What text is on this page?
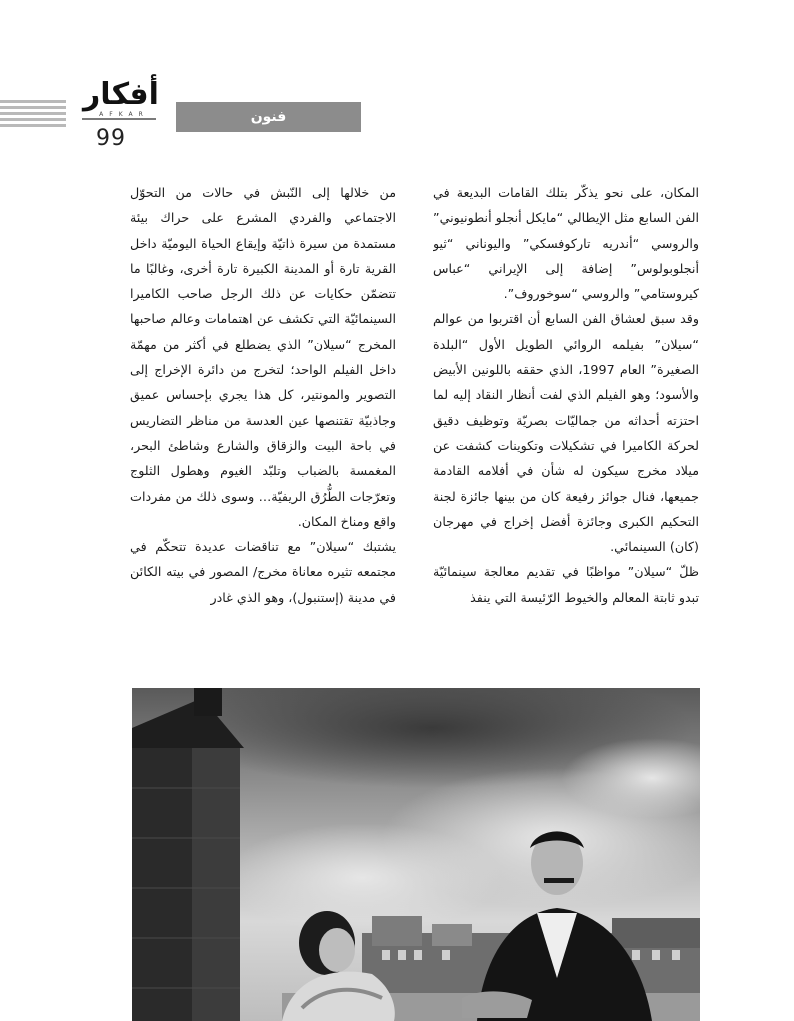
أفكار
AFKAR
99
فنون

المكان، على نحو يذكّر بتلك القامات البديعة في الفن السابع مثل الإيطالي “مايكل أنجلو أنطونيوني” والروسي “أندريه تاركوفسكي” واليوناني “ثيو أنجلوبولوس” إضافة إلى الإيراني “عباس كيروستامي” والروسي “سوخوروف”.

وقد سبق لعشاق الفن السابع أن اقتربوا من عوالم “سيلان” بفيلمه الروائي الطويل الأول “البلدة الصغيرة” العام 1997، الذي حققه باللونين الأبيض والأسود؛ وهو الفيلم الذي لفت أنظار النقاد إليه لما احتزته أحداثه من جماليّات بصريّة وتوظيف دقيق لحركة الكاميرا في تشكيلات وتكوينات كشفت عن ميلاد مخرج سيكون له شأن في أفلامه القادمة جميعها، فنال جوائز رفيعة كان من بينها جائزة لجنة التحكيم الكبرى وجائزة أفضل إخراج في مهرجان (كان) السينمائي.

ظلّ “سيلان” مواظبًا في تقديم معالجة سينمائيّة تبدو ثابتة المعالم والخيوط الرّئيسة التي ينفذ

من خلالها إلى النّبش في حالات من التحوّل الاجتماعي والفردي المشرع على حراك بيئة مستمدة من سيرة ذاتيّة وإيقاع الحياة اليوميّة داخل القرية تارة أو المدينة الكبيرة تارة أخرى، وغالبًا ما تتضمّن حكايات عن ذلك الرجل صاحب الكاميرا السينمائيّة التي تكشف عن اهتمامات وعالم صاحبها المخرج “سيلان” الذي يضطلع في أكثر من مهمّة داخل الفيلم الواحد؛ لتخرج من دائرة الإخراج إلى التصوير والمونتير، كل هذا يجري بإحساس عميق وجاذبيّة تقتنصها عين العدسة من مناظر التضاريس في باحة البيت والزقاق والشارع وشاطئ البحر، المغمسة بالضباب وتلبّد الغيوم وهطول الثلوج وتعرّجات الطُّرُق الريفيّة… وسوى ذلك من مفردات واقع ومناخ المكان.

يشتبك “سيلان” مع تناقضات عديدة تتحكّم في مجتمعه تثيره معاناة مخرج/ المصور في بيته الكائن في مدينة (إستنبول)، وهو الذي غادر
